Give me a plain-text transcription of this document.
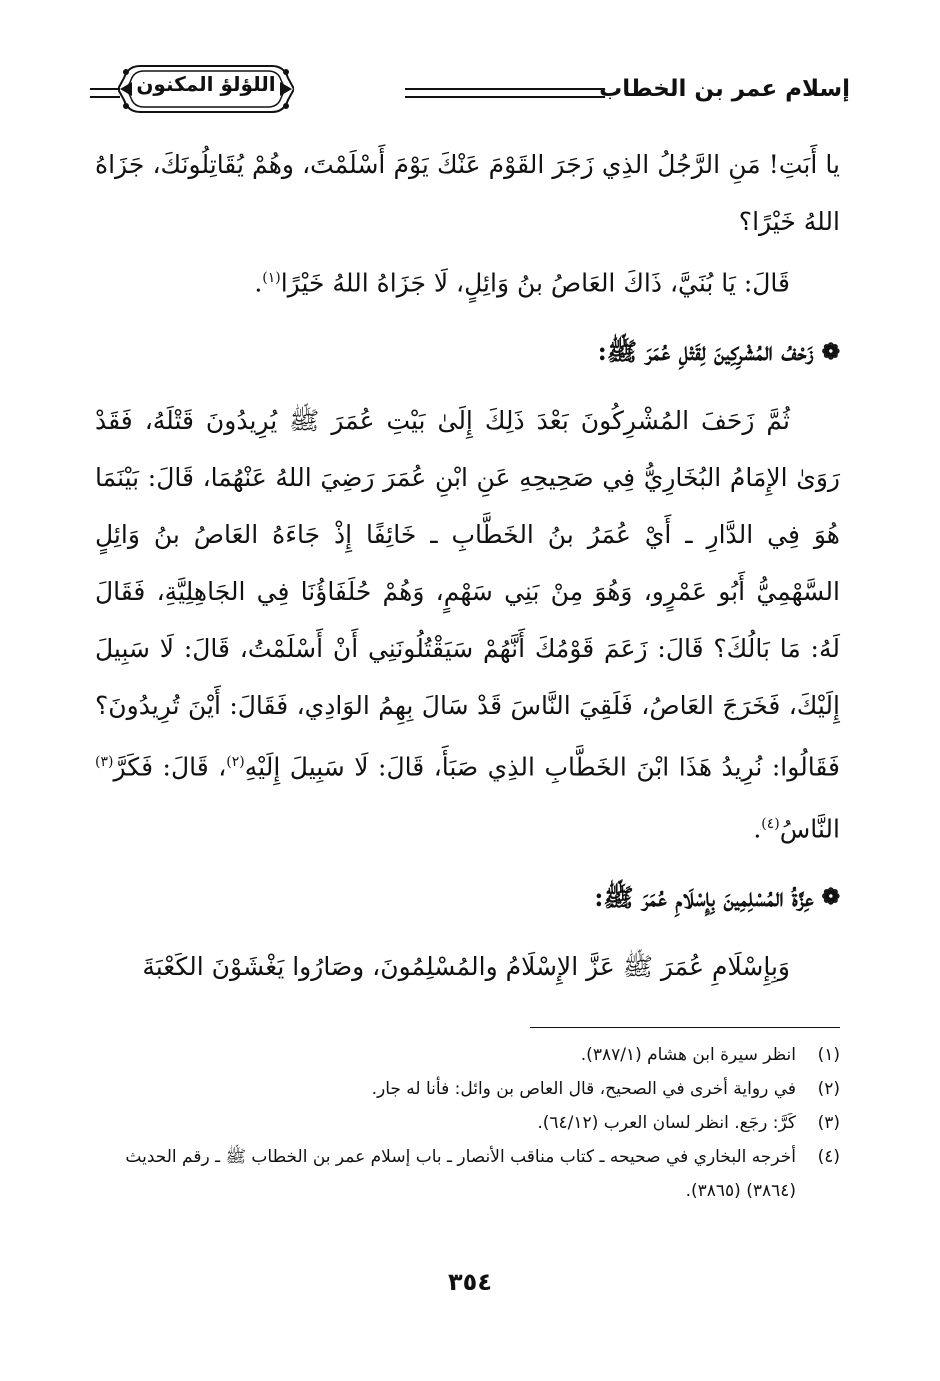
إسلام عمر بن الخطاب
اللؤلؤ المكنون

يا أَبَتِ! مَنِ الرَّجُلُ الذِي زَجَرَ القَوْمَ عَنْكَ يَوْمَ أَسْلَمْتَ، وهُمْ يُقَاتِلُونَكَ، جَزَاهُ اللهُ خَيْرًا؟

قَالَ: يَا بُنَيَّ، ذَاكَ العَاصُ بنُ وَائِلٍ، لَا جَزَاهُ اللهُ خَيْرًا$^{(١)}$.

❁
زَحْفُ المُشْرِكِينَ لِقَتْلِ عُمَرَ ﷺ:

ثُمَّ زَحَفَ المُشْرِكُونَ بَعْدَ ذَلِكَ إِلَىٰ بَيْتِ عُمَرَ ﷺ يُرِيدُونَ قَتْلَهُ، فَقَدْ رَوَىٰ الإِمَامُ البُخَارِيُّ فِي صَحِيحِهِ عَنِ ابْنِ عُمَرَ رَضِيَ اللهُ عَنْهُمَا، قَالَ: بَيْنَمَا هُوَ فِي الدَّارِ ـ أَيْ عُمَرُ بنُ الخَطَّابِ ـ خَائِفًا إِذْ جَاءَهُ العَاصُ بنُ وَائِلٍ السَّهْمِيُّ أَبُو عَمْرٍو، وَهُوَ مِنْ بَنِي سَهْمٍ، وَهُمْ حُلَفَاؤُنَا فِي الجَاهِلِيَّةِ، فَقَالَ لَهُ: مَا بَالُكَ؟ قَالَ: زَعَمَ قَوْمُكَ أَنَّهُمْ سَيَقْتُلُونَنِي أَنْ أَسْلَمْتُ، قَالَ: لَا سَبِيلَ إِلَيْكَ، فَخَرَجَ العَاصُ، فَلَقِيَ النَّاسَ قَدْ سَالَ بِهِمُ الوَادِي، فَقَالَ: أَيْنَ تُرِيدُونَ؟ فَقَالُوا: نُرِيدُ هَذَا ابْنَ الخَطَّابِ الذِي صَبَأَ، قَالَ: لَا سَبِيلَ إِلَيْهِ$^{(٢)}$، قَالَ: فَكَرَّ$^{(٣)}$ النَّاسُ$^{(٤)}$.

❁
عِزَّةُ المُسْلِمِينَ بِإِسْلَامِ عُمَرَ ﷺ:

وَبِإِسْلَامِ عُمَرَ ﷺ عَزَّ الإِسْلَامُ والمُسْلِمُونَ، وصَارُوا يَغْشَوْنَ الكَعْبَةَ

(١)
انظر سيرة ابن هشام (٣٨٧/١).

(٢)
في رواية أخرى في الصحيح، قال العاص بن وائل: فأنا له جار.

(٣)
كَرَّ: رجَع. انظر لسان العرب (٦٤/١٢).

(٤)
أخرجه البخاري في صحيحه ـ كتاب مناقب الأنصار ـ باب إسلام عمر بن الخطاب ﷺ ـ رقم الحديث (٣٨٦٤) (٣٨٦٥).

٣٥٤
